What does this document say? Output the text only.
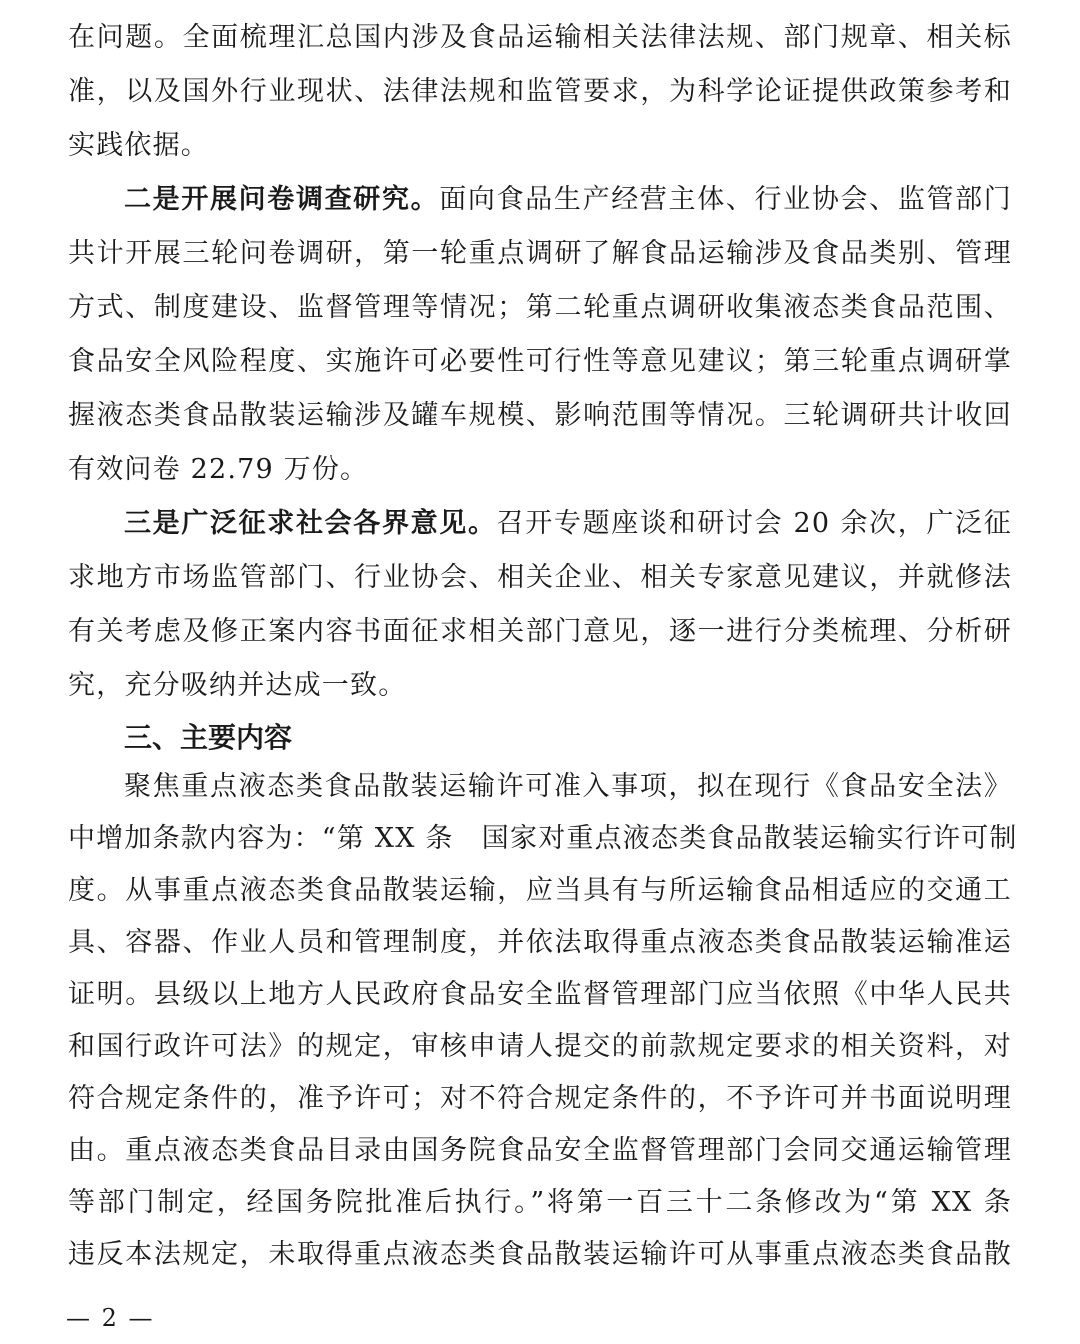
在问题。全面梳理汇总国内涉及食品运输相关法律法规、部门规章、相关标
准，以及国外行业现状、法律法规和监管要求，为科学论证提供政策参考和
实践依据。
二是开展问卷调查研究。面向食品生产经营主体、行业协会、监管部门
共计开展三轮问卷调研，第一轮重点调研了解食品运输涉及食品类别、管理
方式、制度建设、监督管理等情况；第二轮重点调研收集液态类食品范围、
食品安全风险程度、实施许可必要性可行性等意见建议；第三轮重点调研掌
握液态类食品散装运输涉及罐车规模、影响范围等情况。三轮调研共计收回
有效问卷 22.79 万份。
三是广泛征求社会各界意见。召开专题座谈和研讨会 20 余次，广泛征
求地方市场监管部门、行业协会、相关企业、相关专家意见建议，并就修法
有关考虑及修正案内容书面征求相关部门意见，逐一进行分类梳理、分析研
究，充分吸纳并达成一致。
三、主要内容
聚焦重点液态类食品散装运输许可准入事项，拟在现行《食品安全法》
中增加条款内容为：“第 XX 条　国家对重点液态类食品散装运输实行许可制
度。从事重点液态类食品散装运输，应当具有与所运输食品相适应的交通工
具、容器、作业人员和管理制度，并依法取得重点液态类食品散装运输准运
证明。县级以上地方人民政府食品安全监督管理部门应当依照《中华人民共
和国行政许可法》的规定，审核申请人提交的前款规定要求的相关资料，对
符合规定条件的，准予许可；对不符合规定条件的，不予许可并书面说明理
由。重点液态类食品目录由国务院食品安全监督管理部门会同交通运输管理
等部门制定，经国务院批准后执行。”将第一百三十二条修改为“第 XX 条
违反本法规定，未取得重点液态类食品散装运输许可从事重点液态类食品散
— 2 —
